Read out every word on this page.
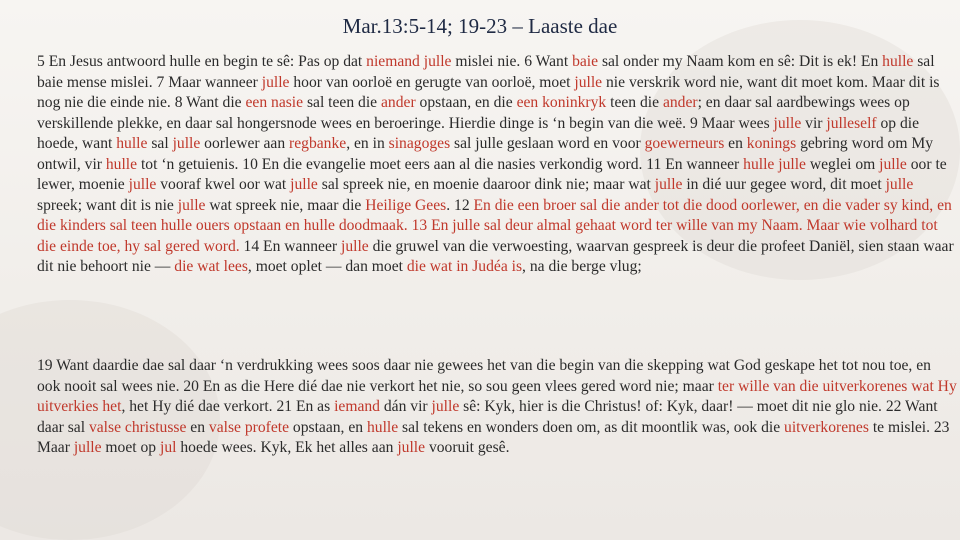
Mar.13:5-14; 19-23 – Laaste dae
5 En Jesus antwoord hulle en begin te sê: Pas op dat niemand julle mislei nie. 6 Want baie sal onder my Naam kom en sê: Dit is ek! En hulle sal baie mense mislei. 7 Maar wanneer julle hoor van oorloë en gerugte van oorloë, moet julle nie verskrik word nie, want dit moet kom. Maar dit is nog nie die einde nie. 8 Want die een nasie sal teen die ander opstaan, en die een koninkryk teen die ander; en daar sal aardbewings wees op verskillende plekke, en daar sal hongersnode wees en beroeringe. Hierdie dinge is ‘n begin van die weë. 9 Maar wees julle vir julleself op die hoede, want hulle sal julle oorlewer aan regbanke, en in sinagoges sal julle geslaan word en voor goewerneurs en konings gebring word om My ontwil, vir hulle tot ‘n getuienis. 10 En die evangelie moet eers aan al die nasies verkondig word. 11 En wanneer hulle julle weglei om julle oor te lewer, moenie julle vooraf kwel oor wat julle sal spreek nie, en moenie daaroor dink nie; maar wat julle in dié uur gegee word, dit moet julle spreek; want dit is nie julle wat spreek nie, maar die Heilige Gees. 12 En die een broer sal die ander tot die dood oorlewer, en die vader sy kind, en die kinders sal teen hulle ouers opstaan en hulle doodmaak. 13 En julle sal deur almal gehaat word ter wille van my Naam. Maar wie volhard tot die einde toe, hy sal gered word. 14 En wanneer julle die gruwel van die verwoesting, waarvan gespreek is deur die profeet Daniël, sien staan waar dit nie behoort nie — die wat lees, moet oplet — dan moet die wat in Judéa is, na die berge vlug;
19 Want daardie dae sal daar ‘n verdrukking wees soos daar nie gewees het van die begin van die skepping wat God geskape het tot nou toe, en ook nooit sal wees nie. 20 En as die Here dié dae nie verkort het nie, so sou geen vlees gered word nie; maar ter wille van die uitverkorenes wat Hy uitverkies het, het Hy dié dae verkort. 21 En as iemand dán vir julle sê: Kyk, hier is die Christus! of: Kyk, daar! — moet dit nie glo nie. 22 Want daar sal valse christusse en valse profete opstaan, en hulle sal tekens en wonders doen om, as dit moontlik was, ook die uitverkorenes te mislei. 23 Maar julle moet op jul hoede wees. Kyk, Ek het alles aan julle vooruit gesê.
